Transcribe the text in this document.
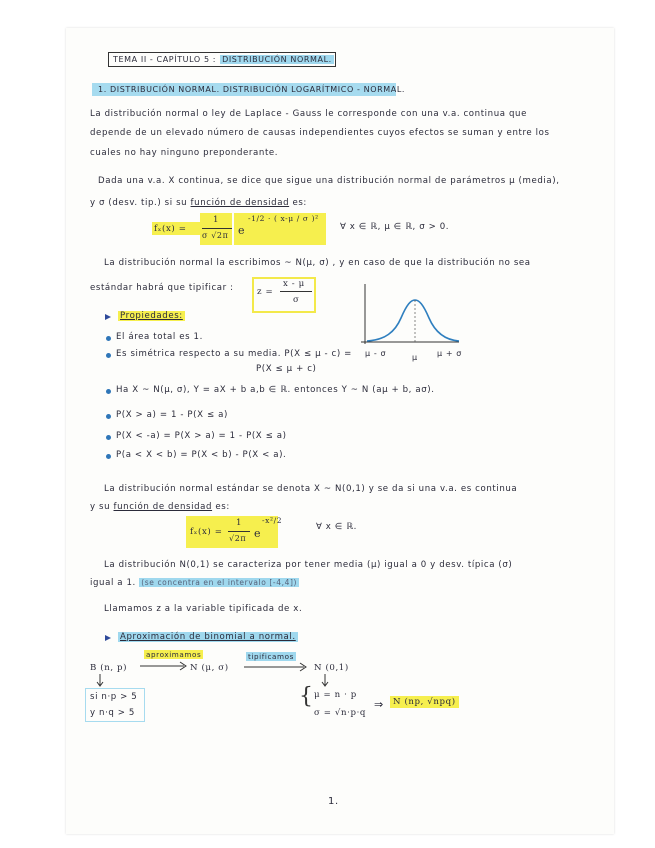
TEMA II - CAPÍTULO 5 : DISTRIBUCIÓN NORMAL.
1. DISTRIBUCIÓN NORMAL. DISTRIBUCIÓN LOGARÍTMICO - NORMAL.
La distribución normal o ley de Laplace - Gauss le corresponde con una v.a. continua que
depende de un elevado número de causas independientes cuyos efectos se suman y entre los
cuales no hay ninguno preponderante.
Dada una v.a. X continua, se dice que sigue una distribución normal de parámetros μ (media),
y σ (desv. tip.) si su función de densidad es:
fₓ(x) =
1
σ √2π e
-1/2 · ( x-μ / σ )²
∀ x ∈ ℝ, μ ∈ ℝ, σ > 0.
La distribución normal la escribimos ~ N(μ, σ) , y en caso de que la distribución no sea
estándar habrá que tipificar :	z =
x - μ
σ
μ - σ	μ μ + σ
Propiedades:
El área total es 1.
Es simétrica respecto a su media. P(X ≤ μ - c) =
P(X ≤ μ + c)
Ha X ~ N(μ, σ), Y = aX + b a,b ∈ ℝ. entonces Y ~ N (aμ + b, aσ).
P(X > a) = 1 - P(X ≤ a)
P(X < -a) = P(X > a) = 1 - P(X ≤ a)
P(a < X < b) = P(X < b) - P(X < a).
La distribución normal estándar se denota X ~ N(0,1) y se da si una v.a. es continua
y su función de densidad es:
fₓ(x) =
1
√2π e
-x²/2
∀ x ∈ ℝ.
La distribución N(0,1) se caracteriza por tener media (μ) igual a 0 y desv. típica (σ)
igual a 1. (se concentra en el intervalo [-4,4])
Llamamos z a la variable tipificada de x.
Aproximación de binomial a normal.
B (n, p)
aproximamos
N (μ, σ)
tipificamos
N (0,1)
si n·p > 5
y n·q > 5
{ μ = n · p
σ = √n·p·q
⇒	N (np, √npq)
1.
